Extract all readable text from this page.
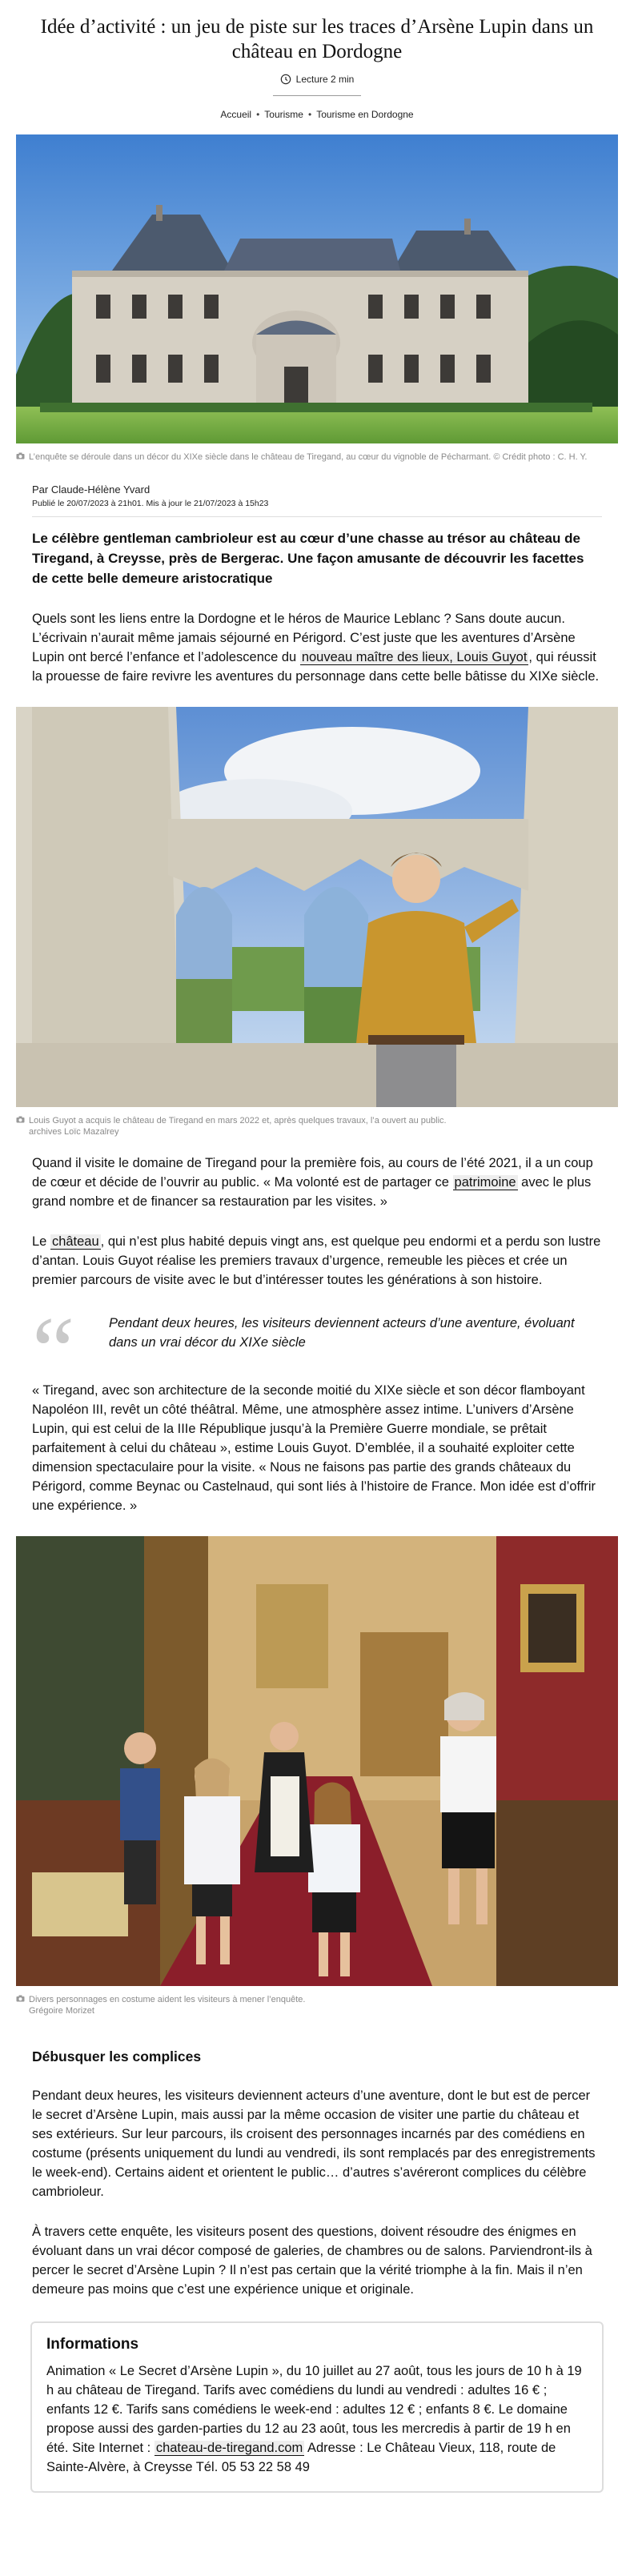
Idée d’activité : un jeu de piste sur les traces d’Arsène Lupin dans un château en Dordogne
Lecture 2 min
Accueil • Tourisme • Tourisme en Dordogne
L’enquête se déroule dans un décor du XIXe siècle dans le château de Tiregand, au cœur du vignoble de Pécharmant. © Crédit photo : C. H. Y.
Par Claude-Hélène Yvard
Publié le 20/07/2023 à 21h01. Mis à jour le 21/07/2023 à 15h23

Le célèbre gentleman cambrioleur est au cœur d’une chasse au trésor au château de Tiregand, à Creysse, près de Bergerac. Une façon amusante de découvrir les facettes de cette belle demeure aristocratique

Quels sont les liens entre la Dordogne et le héros de Maurice Leblanc ? Sans doute aucun. L’écrivain n’aurait même jamais séjourné en Périgord. C’est juste que les aventures d’Arsène Lupin ont bercé l’enfance et l’adolescence du nouveau maître des lieux, Louis Guyot , qui réussit la prouesse de faire revivre les aventures du personnage dans cette belle bâtisse du XIXe siècle.

Louis Guyot a acquis le château de Tiregand en mars 2022 et, après quelques travaux, l’a ouvert au public.
archives Loïc Mazalrey

Quand il visite le domaine de Tiregand pour la première fois, au cours de l’été 2021, il a un coup de cœur et décide de l’ouvrir au public. « Ma volonté est de partager ce patrimoine avec le plus grand nombre et de financer sa restauration par les visites. »

Le château , qui n’est plus habité depuis vingt ans, est quelque peu endormi et a perdu son lustre d’antan. Louis Guyot réalise les premiers travaux d’urgence, remeuble les pièces et crée un premier parcours de visite avec le but d’intéresser toutes les générations à son histoire.

“	Pendant deux heures, les visiteurs deviennent acteurs d’une aventure, évoluant dans un vrai décor du XIXe siècle

« Tiregand, avec son architecture de la seconde moitié du XIXe siècle et son décor flamboyant Napoléon III, revêt un côté théâtral. Même, une atmosphère assez intime. L’univers d’Arsène Lupin, qui est celui de la IIIe République jusqu’à la Première Guerre mondiale, se prêtait parfaitement à celui du château », estime Louis Guyot. D’emblée, il a souhaité exploiter cette dimension spectaculaire pour la visite. « Nous ne faisons pas partie des grands châteaux du Périgord, comme Beynac ou Castelnaud, qui sont liés à l’histoire de France. Mon idée est d’offrir une expérience. »

Divers personnages en costume aident les visiteurs à mener l’enquête.
Grégoire Morizet
Débusquer les complices

Pendant deux heures, les visiteurs deviennent acteurs d’une aventure, dont le but est de percer le secret d’Arsène Lupin, mais aussi par la même occasion de visiter une partie du château et ses extérieurs. Sur leur parcours, ils croisent des personnages incarnés par des comédiens en costume (présents uniquement du lundi au vendredi, ils sont remplacés par des enregistrements le week-end). Certains aident et orientent le public… d’autres s’avéreront complices du célèbre cambrioleur.

À travers cette enquête, les visiteurs posent des questions, doivent résoudre des énigmes en évoluant dans un vrai décor composé de galeries, de chambres ou de salons. Parviendront-ils à percer le secret d’Arsène Lupin ? Il n’est pas certain que la vérité triomphe à la fin. Mais il n’en demeure pas moins que c’est une expérience unique et originale.

Informations

Animation « Le Secret d’Arsène Lupin », du 10 juillet au 27 août, tous les jours de 10 h à 19 h au château de Tiregand. Tarifs avec comédiens du lundi au vendredi : adultes 16 € ; enfants 12 €. Tarifs sans comédiens le week-end : adultes 12 € ; enfants 8 €. Le domaine propose aussi des garden-parties du 12 au 23 août, tous les mercredis à partir de 19 h en été. Site Internet : chateau-de-tiregand.com Adresse : Le Château Vieux, 118, route de Sainte-Alvère, à Creysse Tél. 05 53 22 58 49
